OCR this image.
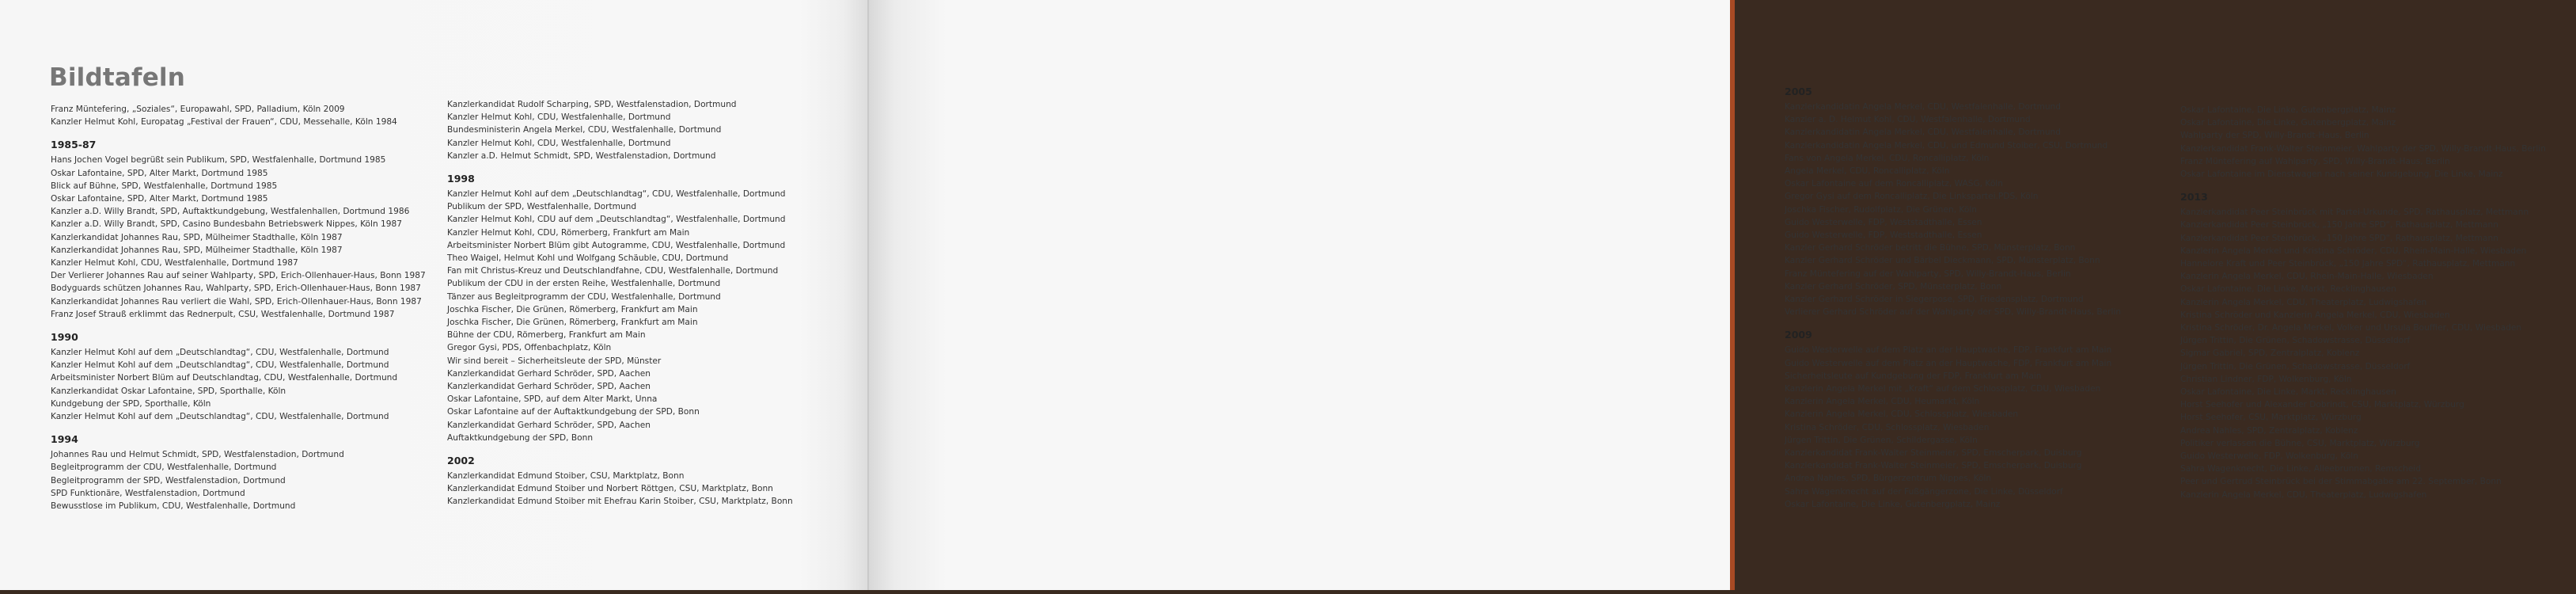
Bildtafeln
Franz Müntefering, „Soziales“, Europawahl, SPD, Palladium, Köln 2009
Kanzler Helmut Kohl, Europatag „Festival der Frauen“, CDU, Messehalle, Köln 1984
1985-87
Hans Jochen Vogel begrüßt sein Publikum, SPD, Westfalenhalle, Dortmund 1985
Oskar Lafontaine, SPD, Alter Markt, Dortmund 1985
Blick auf Bühne, SPD, Westfalenhalle, Dortmund 1985
Oskar Lafontaine, SPD, Alter Markt, Dortmund 1985
Kanzler a.D. Willy Brandt, SPD, Auftaktkundgebung, Westfalenhallen, Dortmund 1986
Kanzler a.D. Willy Brandt, SPD, Casino Bundesbahn Betriebswerk Nippes, Köln 1987
Kanzlerkandidat Johannes Rau, SPD, Mülheimer Stadthalle, Köln 1987
Kanzlerkandidat Johannes Rau, SPD, Mülheimer Stadthalle, Köln 1987
Kanzler Helmut Kohl, CDU, Westfalenhalle, Dortmund 1987
Der Verlierer Johannes Rau auf seiner Wahlparty, SPD, Erich-Ollenhauer-Haus, Bonn 1987
Bodyguards schützen Johannes Rau, Wahlparty, SPD, Erich-Ollenhauer-Haus, Bonn 1987
Kanzlerkandidat Johannes Rau verliert die Wahl, SPD, Erich-Ollenhauer-Haus, Bonn 1987
Franz Josef Strauß erklimmt das Rednerpult, CSU, Westfalenhalle, Dortmund 1987
1990
Kanzler Helmut Kohl auf dem „Deutschlandtag“, CDU, Westfalenhalle, Dortmund
Kanzler Helmut Kohl auf dem „Deutschlandtag“, CDU, Westfalenhalle, Dortmund
Arbeitsminister Norbert Blüm auf Deutschlandtag, CDU, Westfalenhalle, Dortmund
Kanzlerkandidat Oskar Lafontaine, SPD, Sporthalle, Köln
Kundgebung der SPD, Sporthalle, Köln
Kanzler Helmut Kohl auf dem „Deutschlandtag“, CDU, Westfalenhalle, Dortmund
1994
Johannes Rau und Helmut Schmidt, SPD, Westfalenstadion, Dortmund
Begleitprogramm der CDU, Westfalenhalle, Dortmund
Begleitprogramm der SPD, Westfalenstadion, Dortmund
SPD Funktionäre, Westfalenstadion, Dortmund
Bewusstlose im Publikum, CDU, Westfalenhalle, Dortmund
Kanzlerkandidat Rudolf Scharping, SPD, Westfalenstadion, Dortmund
Kanzler Helmut Kohl, CDU, Westfalenhalle, Dortmund
Bundesministerin Angela Merkel, CDU, Westfalenhalle, Dortmund
Kanzler Helmut Kohl, CDU, Westfalenhalle, Dortmund
Kanzler a.D. Helmut Schmidt, SPD, Westfalenstadion, Dortmund
1998
Kanzler Helmut Kohl auf dem „Deutschlandtag“, CDU, Westfalenhalle, Dortmund
Publikum der SPD, Westfalenhalle, Dortmund
Kanzler Helmut Kohl, CDU auf dem „Deutschlandtag“, Westfalenhalle, Dortmund
Kanzler Helmut Kohl, CDU, Römerberg, Frankfurt am Main
Arbeitsminister Norbert Blüm gibt Autogramme, CDU, Westfalenhalle, Dortmund
Theo Waigel, Helmut Kohl und Wolfgang Schäuble, CDU, Dortmund
Fan mit Christus-Kreuz und Deutschlandfahne, CDU, Westfalenhalle, Dortmund
Publikum der CDU in der ersten Reihe, Westfalenhalle, Dortmund
Tänzer aus Begleitprogramm der CDU, Westfalenhalle, Dortmund
Joschka Fischer, Die Grünen, Römerberg, Frankfurt am Main
Joschka Fischer, Die Grünen, Römerberg, Frankfurt am Main
Bühne der CDU, Römerberg, Frankfurt am Main
Gregor Gysi, PDS, Offenbachplatz, Köln
Wir sind bereit – Sicherheitsleute der SPD, Münster
Kanzlerkandidat Gerhard Schröder, SPD, Aachen
Kanzlerkandidat Gerhard Schröder, SPD, Aachen
Oskar Lafontaine, SPD, auf dem Alter Markt, Unna
Oskar Lafontaine auf der Auftaktkundgebung der SPD, Bonn
Kanzlerkandidat Gerhard Schröder, SPD, Aachen
Auftaktkundgebung der SPD, Bonn
2002
Kanzlerkandidat Edmund Stoiber, CSU, Marktplatz, Bonn
Kanzlerkandidat Edmund Stoiber und Norbert Röttgen, CSU, Marktplatz, Bonn
Kanzlerkandidat Edmund Stoiber mit Ehefrau Karin Stoiber, CSU, Marktplatz, Bonn
2005
Kanzlerkandidatin Angela Merkel, CDU, Westfalenhalle, Dortmund
Kanzler a. D. Helmut Kohl, CDU, Westfalenhalle, Dortmund
Kanzlerkandidatin Angela Merkel, CDU, Westfalenhalle, Dortmund
Kanzlerkandidatin Angela Merkel, CDU, und Edmund Stoiber, CSU, Dortmund
Fans von Angela Merkel, CDU, Roncalliplatz, Köln
Angela Merkel, CDU, Roncalliplatz, Köln
Oskar Lafontaine auf dem Roncalliplatz, WASG, Köln
Gregor Gysi auf dem Roncalliplatz, Die Linkspartei.PDS, Köln
Joschka Fischer, Rudolfplatz, Die Grünen, Köln
Guido Westerwelle, FDP, Weststadthalle, Essen
Guido Westerwelle, FDP, Weststadthalle, Essen
Kanzler Gerhard Schröder betritt die Bühne, SPD, Münsterplatz, Bonn
Kanzler Gerhard Schröder und Bärbel Dieckmann, SPD, Münsterplatz, Bonn
Franz Müntefering auf der Wahlparty, SPD, Willy-Brandt-Haus, Berlin
Kanzler Gerhard Schröder, SPD, Münsterplatz, Bonn
Kanzler Gerhard Schröder in Siegerpose, SPD, Friedensplatz, Dortmund
Verlierer Gerhard Schröder auf der Wahlparty der SPD, Willy-Brandt-Haus, Berlin
2009
Guido Westerwelle auf dem Platz an der Hauptwache, FDP, Frankfurt am Main
Guido Westerwelle auf dem Platz an der Hauptwache, FDP, Frankfurt am Main
Sicherheitsleute auf Kundgebung der FDP, Frankfurt am Main
Kanzlerin Angela Merkel mit „Kraft“ auf dem Schlossplatz, CDU, Wiesbaden
Kanzlerin Angela Merkel, CDU, Heumarkt, Köln
Kanzlerin Angela Merkel, CDU, Schlossplatz, Wiesbaden
Kristina Schröder, CDU, Schlossplatz, Wiesbaden
Jürgen Trittin, Die Grünen, Schildergasse, Köln
Kanzlerkandidat Frank-Walter Steinmeier, SPD, Emscherpark, Duisburg
Kanzlerkandidat Frank-Walter Steinmeier, SPD, Emscherpark, Duisburg
Andrea Nahles, SPD, Bürgerzentrum Nippes, Köln
Sahra Wagenknecht auf der Fußgängerzone, Die Linke, Düsseldorf
Oskar Lafontaine, Die Linke, Gutenbergplatz, Mainz
Oskar Lafontaine, Die Linke, Gutenbergplatz, Mainz
Oskar Lafontaine, Die Linke, Gutenbergplatz, Mainz
Wahlparty der SPD, Willy-Brandt-Haus, Berlin
Kanzlerkandidat Frank-Walter Steinmeier, Wahlparty der SPD, Willy-Brandt-Haus, Berlin
Franz Müntefering auf Wahlparty, SPD, Willy-Brandt-Haus, Berlin
Oskar Lafontaine im Dienstwagen nach seiner Kundgebung, Die Linke, Mainz
2013
Kanzlerkandidat Peer Steinbrück mit Partei-Urkunde, SPD, Rathausplatz, Mettmann
Kanzlerkandidat Peer Steinbrück, „150 Jahre SPD“, Rathausplatz, Mettmann
Kanzlerkandidat Peer Steinbrück, „150 Jahre SPD“, Rathausplatz, Mettmann
Kanzlerin Angela Merkel und Kristina Schröder, CDU, Rhein-Main-Halle, Wiesbaden
Hannelore Kraft und Peer Steinbrück, „150 Jahre SPD“, Rathausplatz, Mettmann
Kanzlerin Angela Merkel, CDU, Rhein-Main-Halle, Wiesbaden
Oskar Lafontaine, Die Linke, Markt, Recklinghausen
Kanzlerin Angela Merkel, CDU, Theaterplatz, Ludwigshafen
Kristina Schröder und Kanzlerin Angela Merkel, CDU, Wiesbaden
Kristina Schröder, Dr. Angela Merkel, Volker und Ursula Bouffier, CDU, Wiesbaden
Jürgen Trittin, Die Grünen, Schadowstrasse, Düsseldorf
Sigmar Gabriel, SPD, Zentralplatz, Koblenz
Jürgen Trittin, Die Grünen, Schadowstrasse, Düsseldorf
Christian Lindner, FDP, Wolkenburg, Köln
Oskar Lafontaine, Die Linke, Markt, Recklinghausen
Horst Seehofer und Alexander Dobrindt, CSU, Marktplatz, Würzburg
Horst Seehofer, CSU, Marktplatz, Würzburg
Andrea Nahles, SPD, Zentralplatz, Koblenz
Politiker verlassen die Bühne, CSU, Marktplatz, Würzburg
Guido Westerwelle, FDP, Wolkenburg, Köln
Sahra Wagenknecht, Die Linke, Alleebrunnen, Remscheid
Peer und Gertrud Steinbrück bei der Stimmabgabe am 22. September, Bonn
Kanzlerin Angela Merkel, CDU, Theaterplatz, Ludwigshafen
